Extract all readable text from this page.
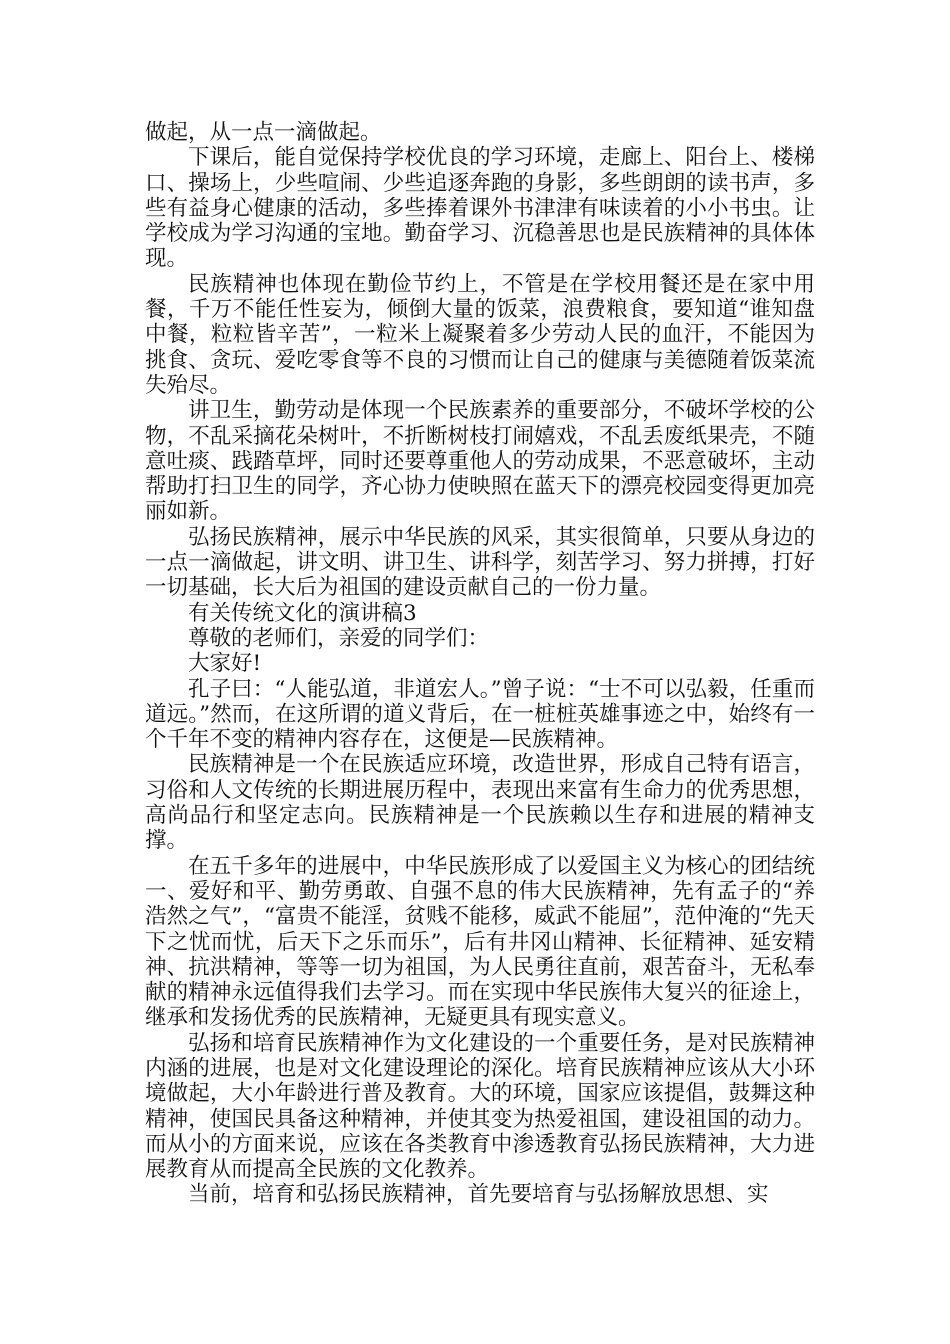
做起，从一点一滴做起。

下课后，能自觉保持学校优良的学习环境，走廊上、阳台上、楼梯口、操场上，少些喧闹、少些追逐奔跑的身影，多些朗朗的读书声，多些有益身心健康的活动，多些捧着课外书津津有味读着的小小书虫。让学校成为学习沟通的宝地。勤奋学习、沉稳善思也是民族精神的具体体现。

民族精神也体现在勤俭节约上，不管是在学校用餐还是在家中用餐，千万不能任性妄为，倾倒大量的饭菜，浪费粮食，要知道“谁知盘中餐，粒粒皆辛苦”，一粒米上凝聚着多少劳动人民的血汗，不能因为挑食、贪玩、爱吃零食等不良的习惯而让自己的健康与美德随着饭菜流失殆尽。

讲卫生，勤劳动是体现一个民族素养的重要部分，不破坏学校的公物，不乱采摘花朵树叶，不折断树枝打闹嬉戏，不乱丢废纸果壳，不随意吐痰、践踏草坪，同时还要尊重他人的劳动成果，不恶意破坏，主动帮助打扫卫生的同学，齐心协力使映照在蓝天下的漂亮校园变得更加亮丽如新。

弘扬民族精神，展示中华民族的风采，其实很简单，只要从身边的一点一滴做起，讲文明、讲卫生、讲科学，刻苦学习、努力拼搏，打好一切基础，长大后为祖国的建设贡献自己的一份力量。

有关传统文化的演讲稿3

尊敬的老师们，亲爱的同学们：

大家好!

孔子曰：“人能弘道，非道宏人。”曾子说：“士不可以弘毅，任重而道远。”然而，在这所谓的道义背后，在一桩桩英雄事迹之中，始终有一个千年不变的精神内容存在，这便是—民族精神。

民族精神是一个在民族适应环境，改造世界，形成自己特有语言，习俗和人文传统的长期进展历程中，表现出来富有生命力的优秀思想，高尚品行和坚定志向。民族精神是一个民族赖以生存和进展的精神支撑。

在五千多年的进展中，中华民族形成了以爱国主义为核心的团结统一、爱好和平、勤劳勇敢、自强不息的伟大民族精神，先有孟子的“养浩然之气”，“富贵不能淫，贫贱不能移，威武不能屈”，范仲淹的“先天下之忧而忧，后天下之乐而乐”，后有井冈山精神、长征精神、延安精神、抗洪精神，等等一切为祖国，为人民勇往直前，艰苦奋斗，无私奉献的精神永远值得我们去学习。而在实现中华民族伟大复兴的征途上，继承和发扬优秀的民族精神，无疑更具有现实意义。

弘扬和培育民族精神作为文化建设的一个重要任务，是对民族精神内涵的进展，也是对文化建设理论的深化。培育民族精神应该从大小环境做起，大小年龄进行普及教育。大的环境，国家应该提倡，鼓舞这种精神，使国民具备这种精神，并使其变为热爱祖国，建设祖国的动力。而从小的方面来说，应该在各类教育中渗透教育弘扬民族精神，大力进展教育从而提高全民族的文化教养。

当前，培育和弘扬民族精神，首先要培育与弘扬解放思想、实
